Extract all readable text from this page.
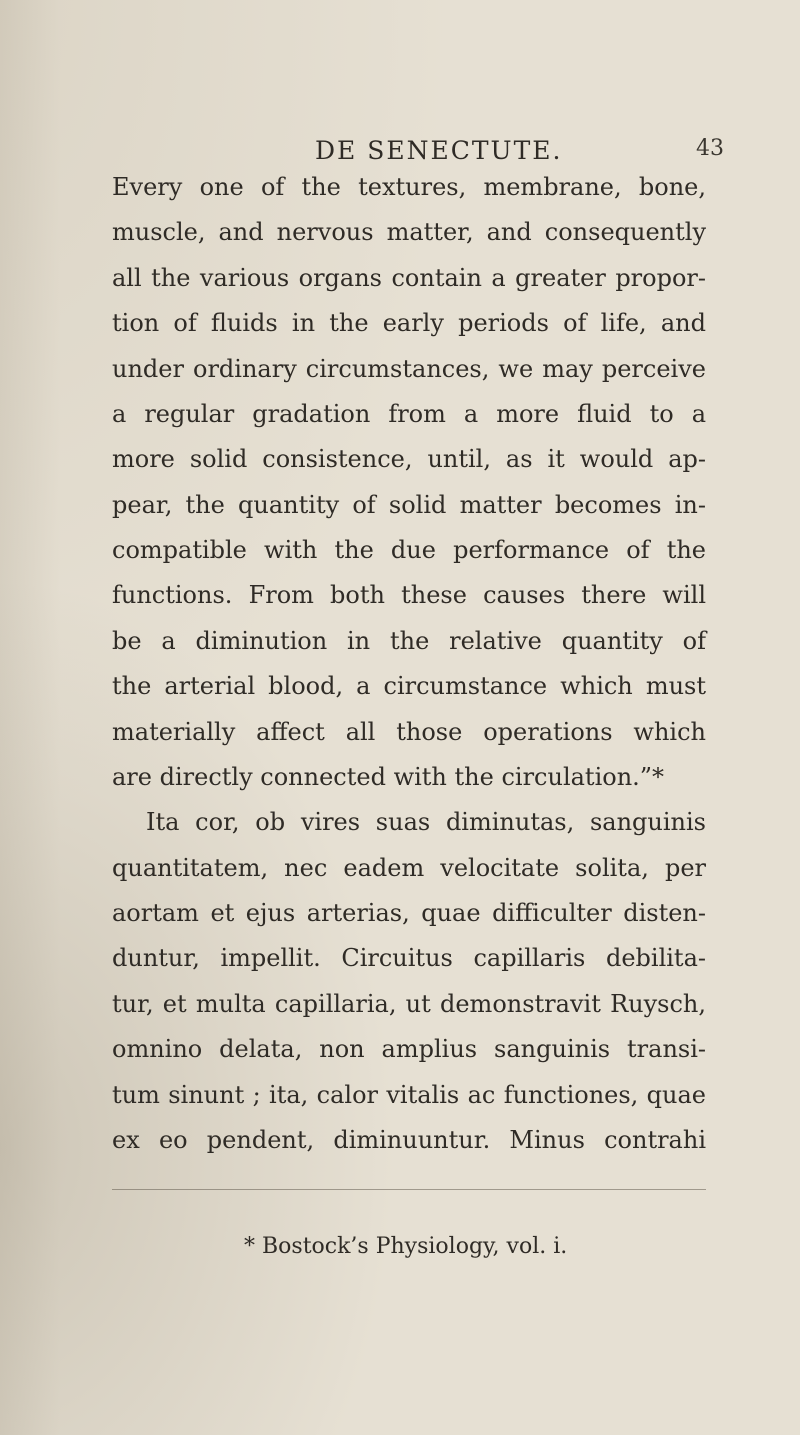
DE SENECTUTE.	43
Every one of the textures, membrane, bone,
muscle, and nervous matter, and consequently
all the various organs contain a greater propor-
tion of fluids in the early periods of life, and
under ordinary circumstances, we may perceive
a regular gradation from a more fluid to a
more solid consistence, until, as it would ap-
pear, the quantity of solid matter becomes in-
compatible with the due performance of the
functions. From both these causes there will
be a diminution in the relative quantity of
the arterial blood, a circumstance which must
materially affect all those operations which
are directly connected with the circulation.”*
Ita cor, ob vires suas diminutas, sanguinis
quantitatem, nec eadem velocitate solita, per
aortam et ejus arterias, quae difficulter disten-
duntur, impellit. Circuitus capillaris debilita-
tur, et multa capillaria, ut demonstravit Ruysch,
omnino delata, non amplius sanguinis transi-
tum sinunt ; ita, calor vitalis ac functiones, quae
ex eo pendent, diminuuntur. Minus contrahi
* Bostock’s Physiology, vol. i.
